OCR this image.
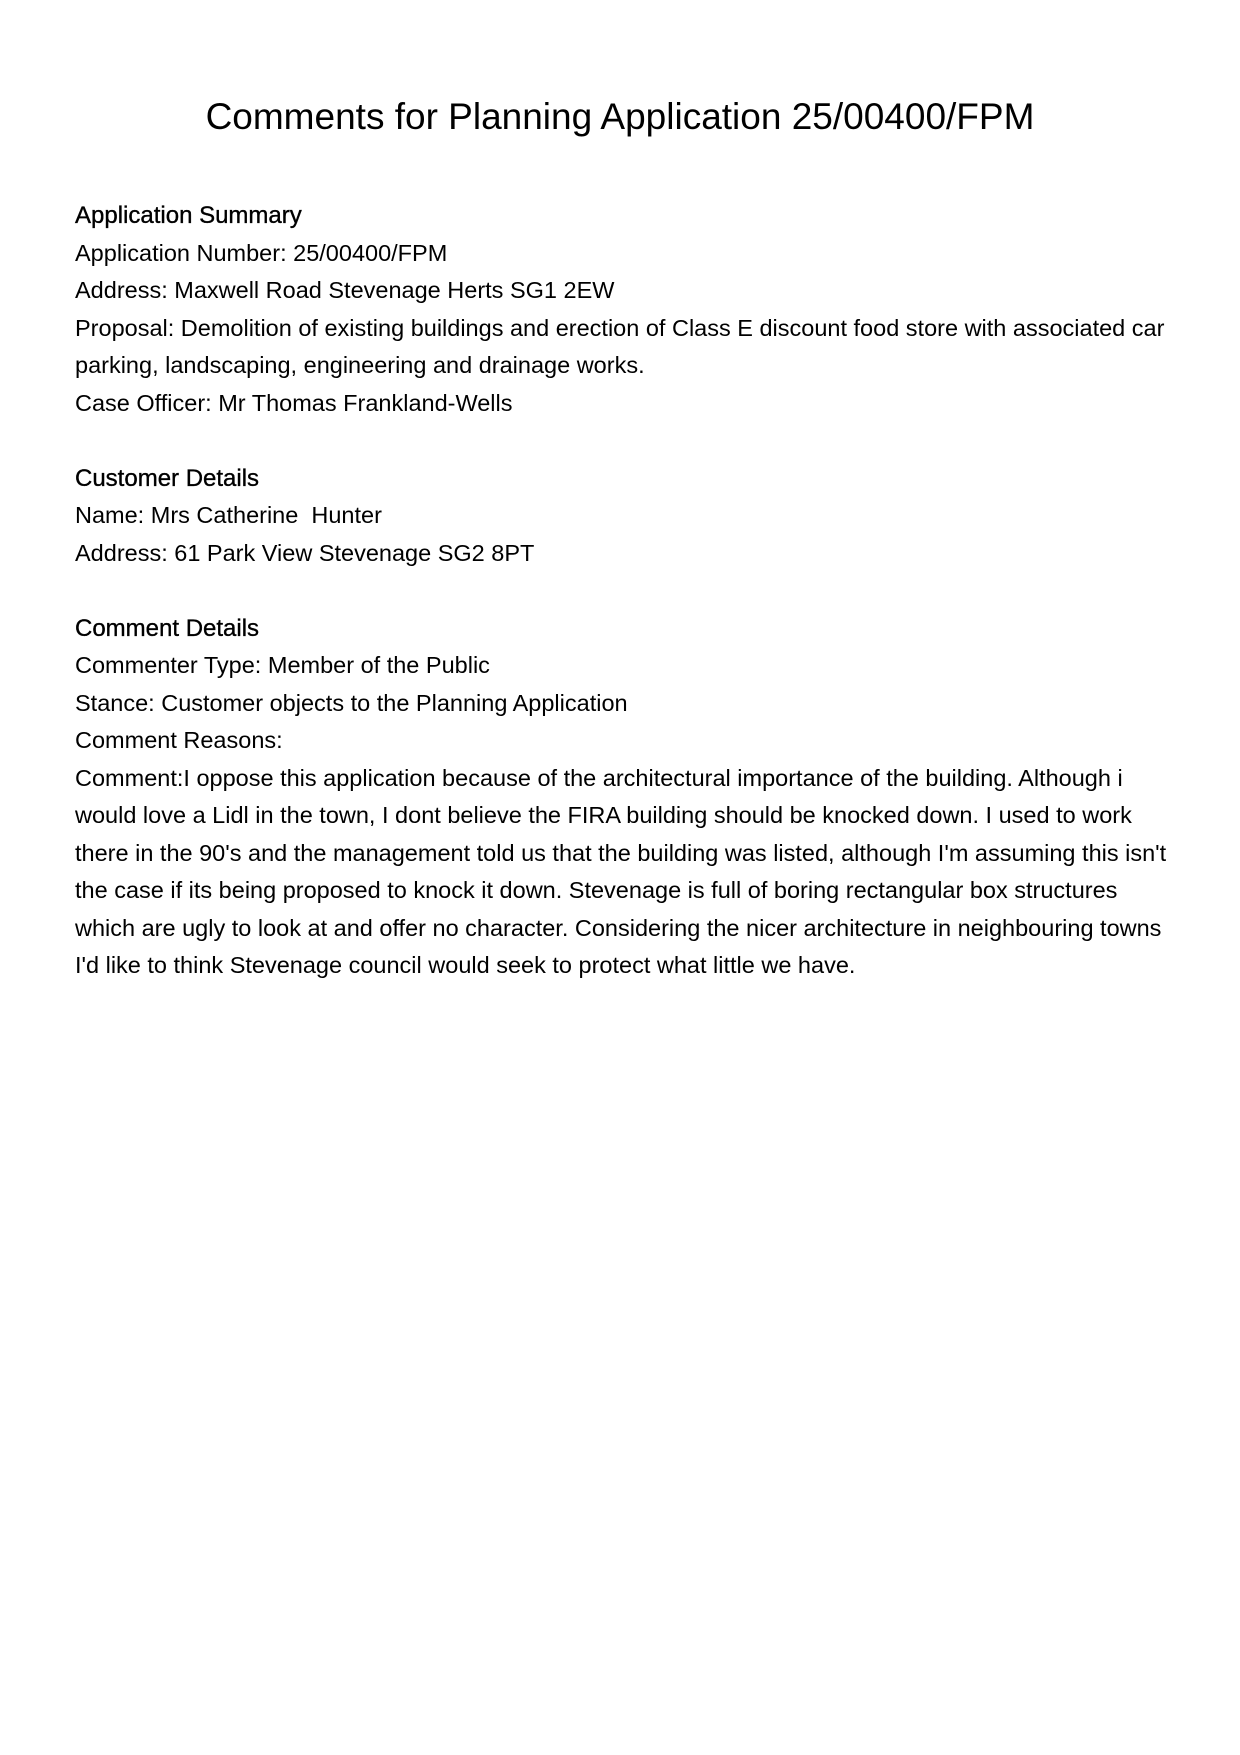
Comments for Planning Application 25/00400/FPM

Application Summary

Application Number: 25/00400/FPM

Address: Maxwell Road Stevenage Herts SG1 2EW

Proposal: Demolition of existing buildings and erection of Class E discount food store with associated car parking, landscaping, engineering and drainage works.

Case Officer: Mr Thomas Frankland-Wells

Customer Details

Name: Mrs Catherine  Hunter

Address: 61 Park View Stevenage SG2 8PT

Comment Details

Commenter Type: Member of the Public

Stance: Customer objects to the Planning Application

Comment Reasons:

Comment:I oppose this application because of the architectural importance of the building. Although i would love a Lidl in the town, I dont believe the FIRA building should be knocked down. I used to work there in the 90's and the management told us that the building was listed, although I'm assuming this isn't the case if its being proposed to knock it down. Stevenage is full of boring rectangular box structures which are ugly to look at and offer no character. Considering the nicer architecture in neighbouring towns I'd like to think Stevenage council would seek to protect what little we have.
